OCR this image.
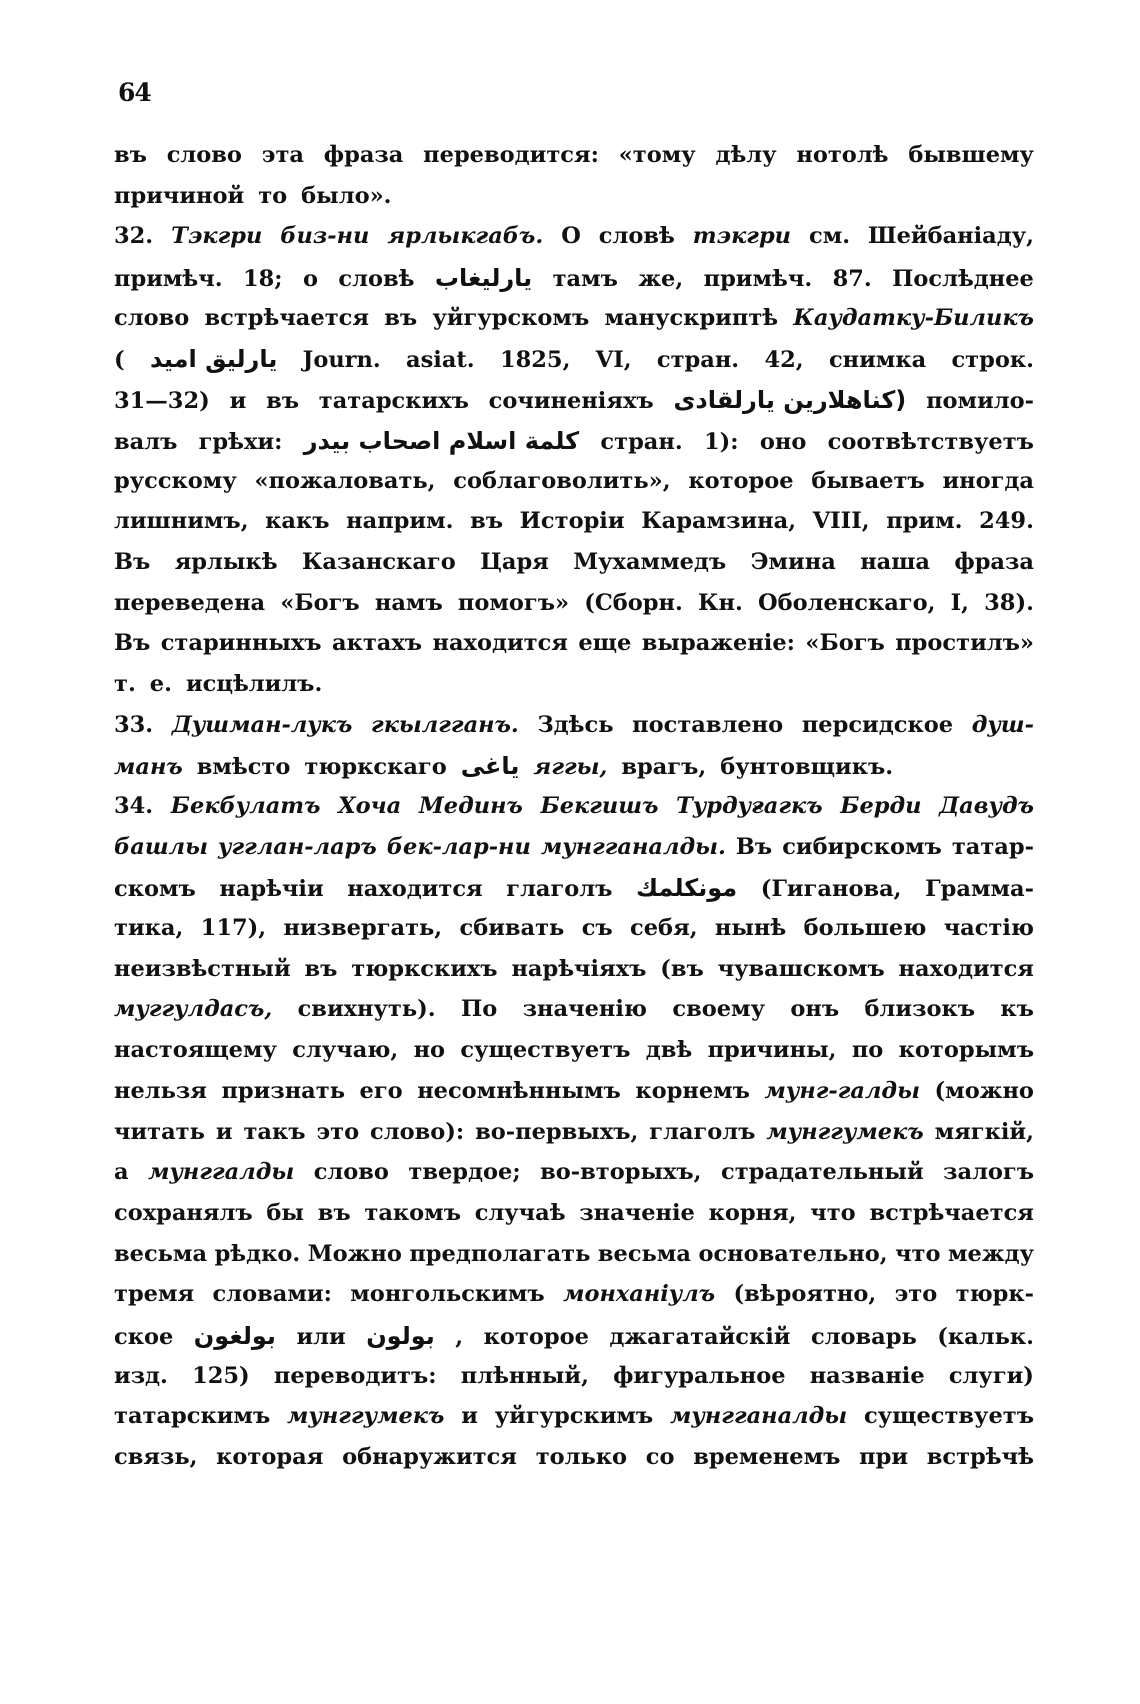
64
въ слово эта фраза переводится: «тому дѣлу нотолѣ бывшему
причиной то было».
32. Тэкгри биз-ни ярлыкгабъ. О словѣ тэкгри см. Шейбаніаду,
примѣч. 18; о словѣ يارليغاب тамъ же, примѣч. 87. Послѣднее
слово встрѣчается въ уйгурскомъ манускриптѣ Каудатку-Биликъ
( يارليق اميد Journ. asiat. 1825, VI, стран. 42, снимка строк.
31—32) и въ татарскихъ сочиненіяхъ (كناهلارين يارلقادى помило-
валъ грѣхи: كلمة اسلام اصحاب بيدر стран. 1): оно соотвѣтствуетъ
русскому «пожаловать, соблаговолить», которое бываетъ иногда
лишнимъ, какъ наприм. въ Исторіи Карамзина, VIII, прим. 249.
Въ ярлыкѣ Казанскаго Царя Мухаммедъ Эмина наша фраза
переведена «Богъ намъ помогъ» (Сборн. Кн. Оболенскаго, I, 38).
Въ старинныхъ актахъ находится еще выраженіе: «Богъ простилъ»
т. е. исцѣлилъ.
33. Душман-лукъ гкылгганъ. Здѣсь поставлено персидское душ-
манъ вмѣсто тюркскаго ياغى яггы, врагъ, бунтовщикъ.
34. Бекбулатъ Хоча Мединъ Бекгишъ Турдуғагкъ Берди Давудъ
башлы угглан-ларъ бек-лар-ни мунгганалды. Въ сибирскомъ татар-
скомъ нарѣчіи находится глаголъ مونكلمك (Гиганова, Грамма-
тика, 117), низвергать, сбивать съ себя, нынѣ большею частію
неизвѣстный въ тюркскихъ нарѣчіяхъ (въ чувашскомъ находится
муггулдасъ, свихнуть). По значенію своему онъ близокъ къ
настоящему случаю, но существуетъ двѣ причины, по которымъ
нельзя признать его несомнѣннымъ корнемъ мунг-галды (можно
читать и такъ это слово): во-первыхъ, глаголъ мунггумекъ мягкій,
а мунггалды слово твердое; во-вторыхъ, страдательный залогъ
сохранялъ бы въ такомъ случаѣ значеніе корня, что встрѣчается
весьма рѣдко. Можно предполагать весьма основательно, что между
тремя словами: монгольскимъ монханіулъ (вѣроятно, это тюрк-
ское بولغون или بولون , которое джагатайскій словарь (кальк.
изд. 125) переводитъ: плѣнный, фигуральное названіе слуги)
татарскимъ мунггумекъ и уйгурскимъ мунгганалды существуетъ
связь, которая обнаружится только со временемъ при встрѣчѣ
